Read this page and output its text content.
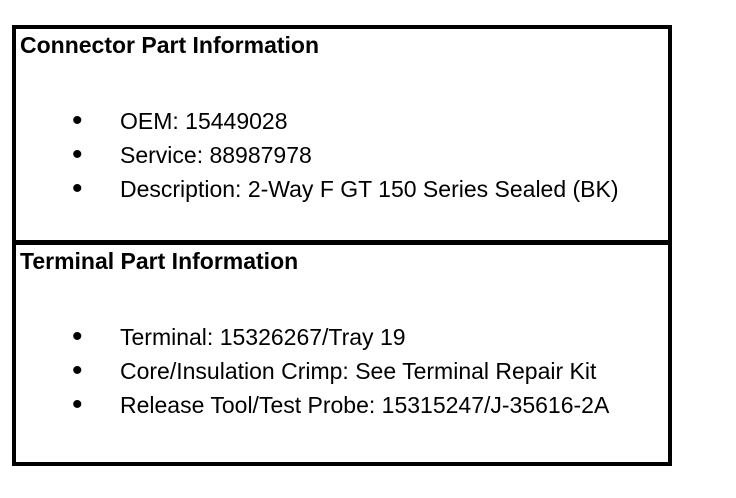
Connector Part Information
• OEM: 15449028
• Service: 88987978
• Description: 2-Way F GT 150 Series Sealed (BK)
Terminal Part Information
• Terminal: 15326267/Tray 19
• Core/Insulation Crimp: See Terminal Repair Kit
• Release Tool/Test Probe: 15315247/J-35616-2A
